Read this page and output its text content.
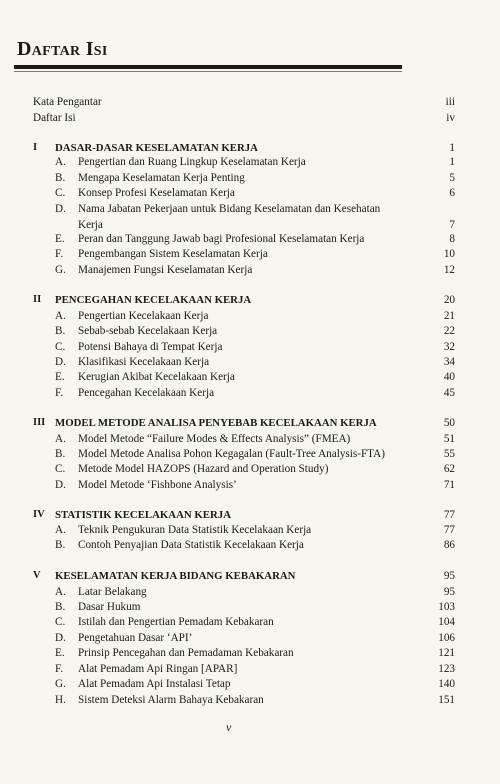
Daftar Isi
Kata Pengantar	iii
Daftar Isi	iv
I DASAR-DASAR KESELAMATAN KERJA	1
A. Pengertian dan Ruang Lingkup Keselamatan Kerja	1
B. Mengapa Keselamatan Kerja Penting	5
C. Konsep Profesi Keselamatan Kerja	6
D. Nama Jabatan Pekerjaan untuk Bidang Keselamatan dan Kesehatan
Kerja	7
E. Peran dan Tanggung Jawab bagi Profesional Keselamatan Kerja	8
F. Pengembangan Sistem Keselamatan Kerja	10
G. Manajemen Fungsi Keselamatan Kerja	12
II PENCEGAHAN KECELAKAAN KERJA	20
A. Pengertian Kecelakaan Kerja	21
B. Sebab-sebab Kecelakaan Kerja	22
C. Potensi Bahaya di Tempat Kerja	32
D. Klasifikasi Kecelakaan Kerja	34
E. Kerugian Akibat Kecelakaan Kerja	40
F. Pencegahan Kecelakaan Kerja	45
III MODEL METODE ANALISA PENYEBAB KECELAKAAN KERJA	50
A. Model Metode “Failure Modes & Effects Analysis” (FMEA)	51
B. Model Metode Analisa Pohon Kegagalan (Fault-Tree Analysis-FTA)	55
C. Metode Model HAZOPS (Hazard and Operation Study)	62
D. Model Metode ‘Fishbone Analysis’	71
IV STATISTIK KECELAKAAN KERJA	77
A. Teknik Pengukuran Data Statistik Kecelakaan Kerja	77
B. Contoh Penyajian Data Statistik Kecelakaan Kerja	86
V KESELAMATAN KERJA BIDANG KEBAKARAN	95
A. Latar Belakang	95
B. Dasar Hukum	103
C. Istilah dan Pengertian Pemadam Kebakaran	104
D. Pengetahuan Dasar ‘API’	106
E. Prinsip Pencegahan dan Pemadaman Kebakaran	121
F. Alat Pemadam Api Ringan [APAR]	123
G. Alat Pemadam Api Instalasi Tetap	140
H. Sistem Deteksi Alarm Bahaya Kebakaran	151
v
